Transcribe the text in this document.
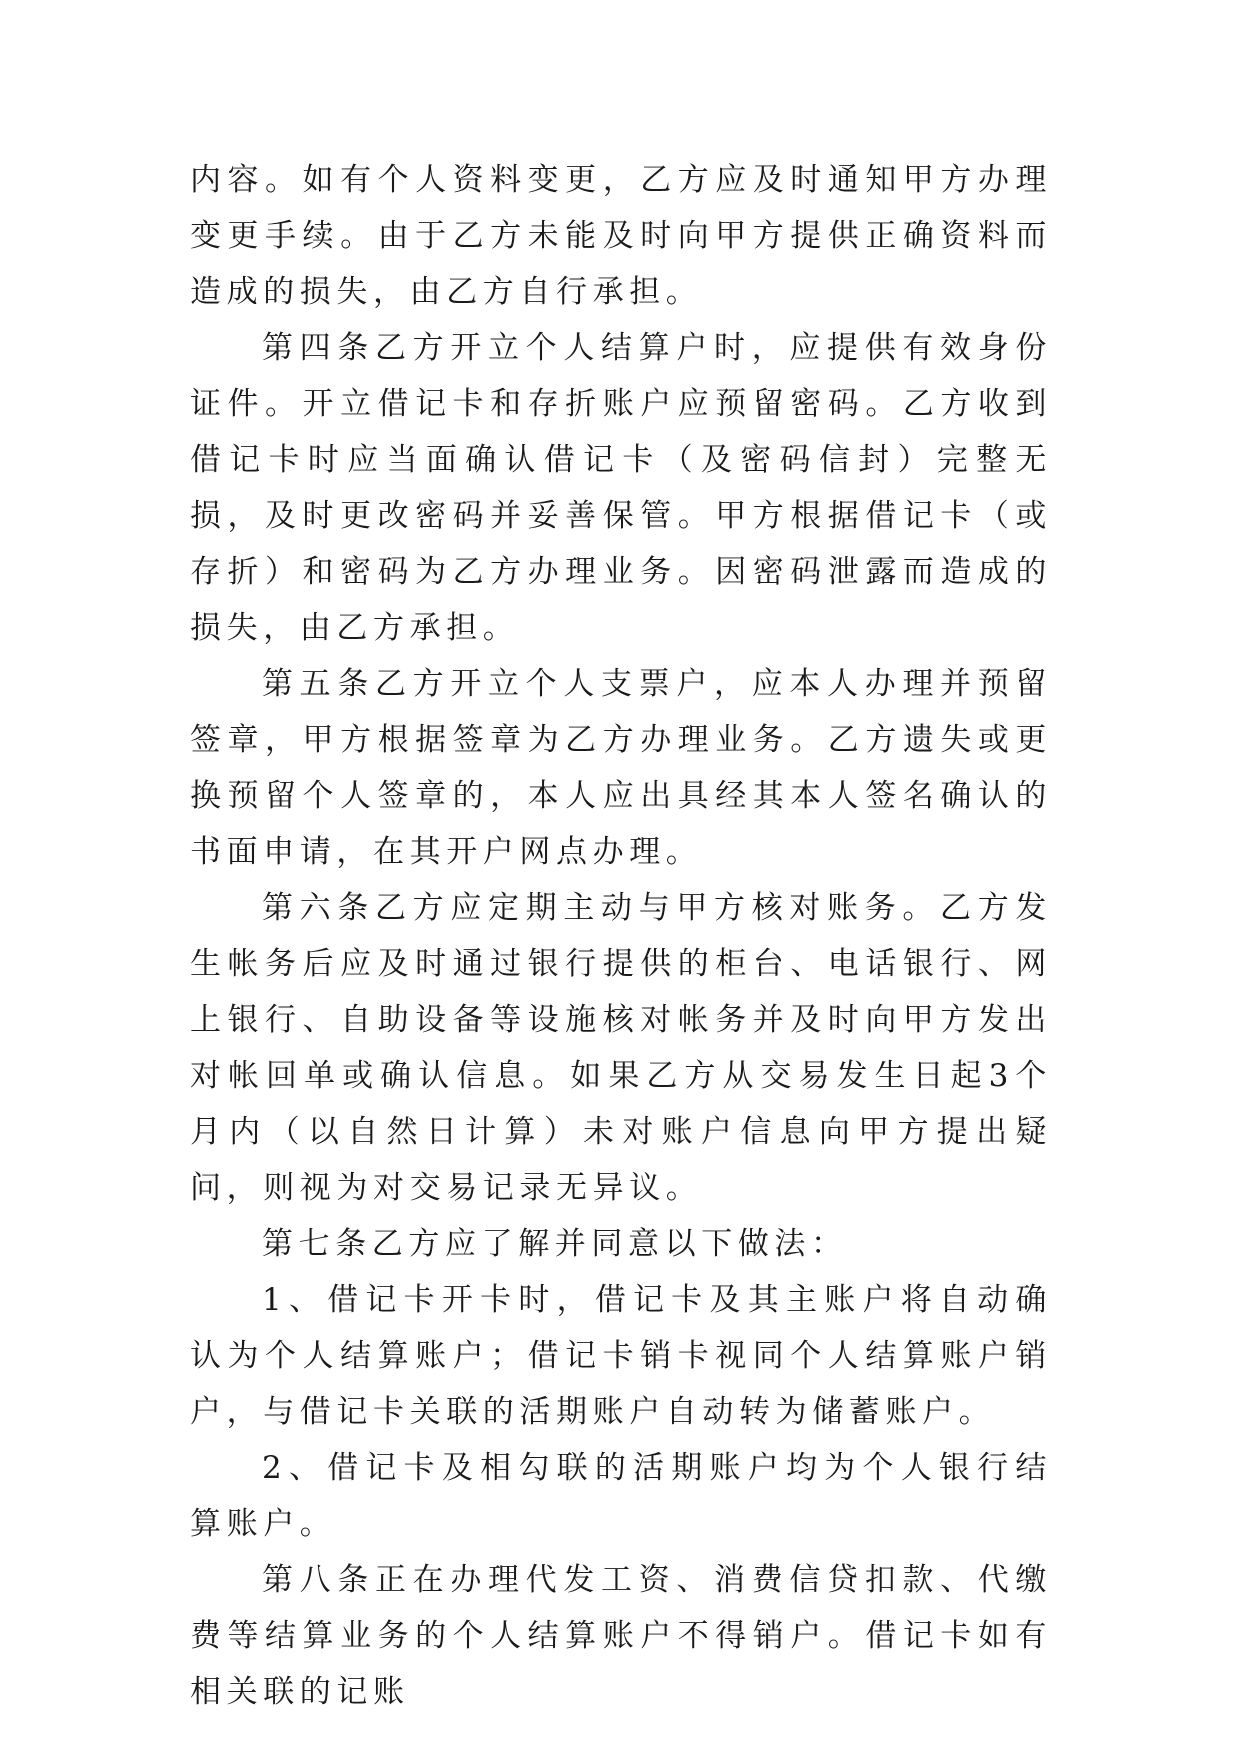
内容。如有个人资料变更，乙方应及时通知甲方办理变更手续。由于乙方未能及时向甲方提供正确资料而造成的损失，由乙方自行承担。

第四条乙方开立个人结算户时，应提供有效身份证件。开立借记卡和存折账户应预留密码。乙方收到借记卡时应当面确认借记卡（及密码信封）完整无损，及时更改密码并妥善保管。甲方根据借记卡（或存折）和密码为乙方办理业务。因密码泄露而造成的损失，由乙方承担。

第五条乙方开立个人支票户，应本人办理并预留签章，甲方根据签章为乙方办理业务。乙方遗失或更换预留个人签章的，本人应出具经其本人签名确认的书面申请，在其开户网点办理。

第六条乙方应定期主动与甲方核对账务。乙方发生帐务后应及时通过银行提供的柜台、电话银行、网上银行、自助设备等设施核对帐务并及时向甲方发出对帐回单或确认信息。如果乙方从交易发生日起3个月内（以自然日计算）未对账户信息向甲方提出疑问，则视为对交易记录无异议。

第七条乙方应了解并同意以下做法：

1、借记卡开卡时，借记卡及其主账户将自动确认为个人结算账户；借记卡销卡视同个人结算账户销户，与借记卡关联的活期账户自动转为储蓄账户。

2、借记卡及相勾联的活期账户均为个人银行结算账户。

第八条正在办理代发工资、消费信贷扣款、代缴费等结算业务的个人结算账户不得销户。借记卡如有相关联的记账
